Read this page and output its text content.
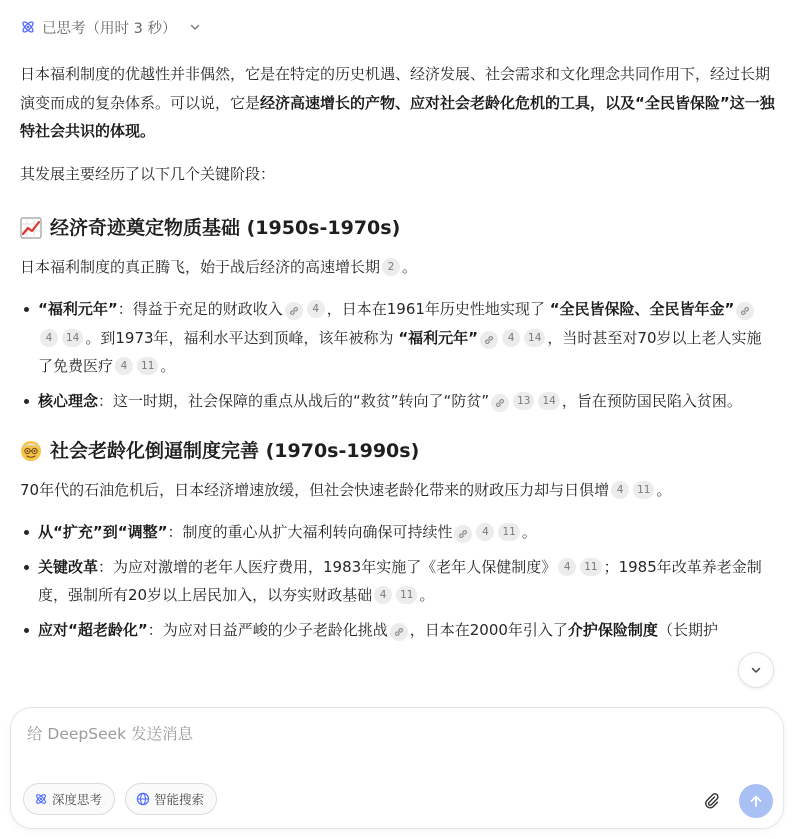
已思考（用时 3 秒）
日本福利制度的优越性并非偶然，它是在特定的历史机遇、经济发展、社会需求和文化理念共同作用下，经过长期演变而成的复杂体系。可以说，它是经济高速增长的产物、应对社会老龄化危机的工具，以及“全民皆保险”这一独特社会共识的体现。
其发展主要经历了以下几个关键阶段：
经济奇迹奠定物质基础 (1950s-1970s)
日本福利制度的真正腾飞，始于战后经济的高速增长期 2 。
“福利元年”：得益于充足的财政收入	4 ，日本在1961年历史性地实现了 “全民皆保险、全民皆年金”
4 14 。到1973年，福利水平达到顶峰，该年被称为 “福利元年”	4 14 ，当时甚至对70岁以上老人实施了免费医疗 4 11 。
核心理念：这一时期，社会保障的重点从战后的“救贫”转向了“防贫”	13 14 ，旨在预防国民陷入贫困。
社会老龄化倒逼制度完善 (1970s-1990s)
70年代的石油危机后，日本经济增速放缓，但社会快速老龄化带来的财政压力却与日俱增 4 11 。
从“扩充”到“调整”：制度的重心从扩大福利转向确保可持续性	4 11 。
关键改革：为应对激增的老年人医疗费用，1983年实施了《老年人保健制度》 4 11 ；1985年改革养老金制度，强制所有20岁以上居民加入，以夯实财政基础 4 11 。
应对“超老龄化”：为应对日益严峻的少子老龄化挑战 ，日本在2000年引入了介护保险制度（长期护
给 DeepSeek 发送消息
深度思考	智能搜索
